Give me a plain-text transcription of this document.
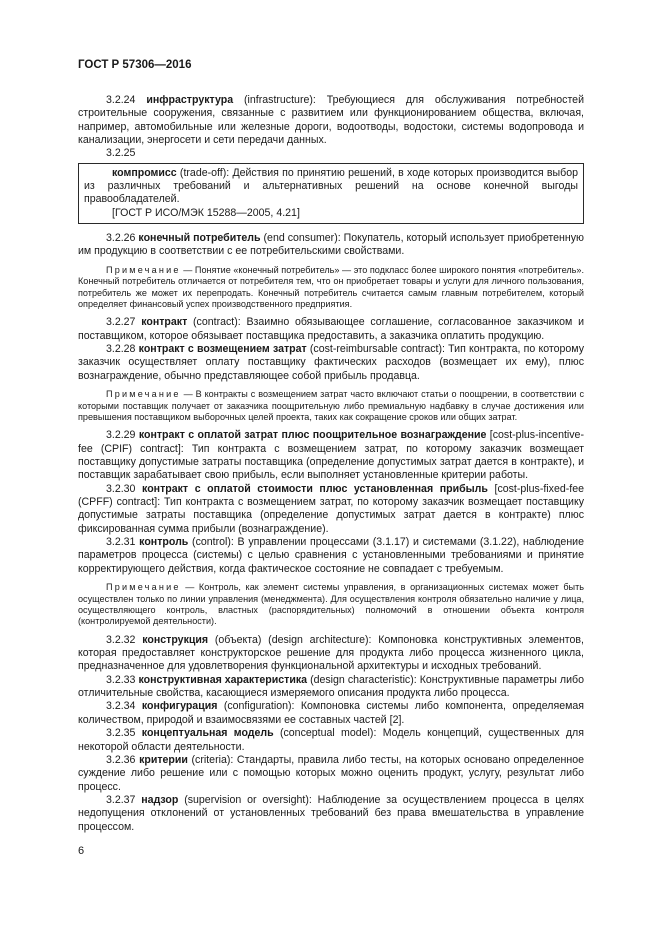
ГОСТ Р 57306—2016

3.2.24 инфраструктура (infrastructure): Требующиеся для обслуживания потребностей строительные сооружения, связанные с развитием или функционированием общества, включая, например, автомобильные или железные дороги, водоотводы, водостоки, системы водопровода и канализации, энергосети и сети передачи данных.

3.2.25

компромисс (trade-off): Действия по принятию решений, в ходе которых производится выбор из различных требований и альтернативных решений на основе конечной выгоды правообладателей.

[ГОСТ Р ИСО/МЭК 15288—2005, 4.21]

3.2.26 конечный потребитель (end consumer): Покупатель, который использует приобретенную им продукцию в соответствии с ее потребительскими свойствами.

Примечание — Понятие «конечный потребитель» — это подкласс более широкого понятия «потребитель». Конечный потребитель отличается от потребителя тем, что он приобретает товары и услуги для личного пользования, потребитель же может их перепродать. Конечный потребитель считается самым главным потребителем, который определяет финансовый успех производственного предприятия.

3.2.27 контракт (contract): Взаимно обязывающее соглашение, согласованное заказчиком и поставщиком, которое обязывает поставщика предоставить, а заказчика оплатить продукцию.

3.2.28 контракт с возмещением затрат (cost-reimbursable contract): Тип контракта, по которому заказчик осуществляет оплату поставщику фактических расходов (возмещает их ему), плюс вознаграждение, обычно представляющее собой прибыль продавца.

Примечание — В контракты с возмещением затрат часто включают статьи о поощрении, в соответствии с которыми поставщик получает от заказчика поощрительную либо премиальную надбавку в случае достижения или превышения поставщиком выборочных целей проекта, таких как сокращение сроков или общих затрат.

3.2.29 контракт с оплатой затрат плюс поощрительное вознаграждение [cost-plus-incentive-fee (CPIF) contract]: Тип контракта с возмещением затрат, по которому заказчик возмещает поставщику допустимые затраты поставщика (определение допустимых затрат дается в контракте), и поставщик зарабатывает свою прибыль, если выполняет установленные критерии работы.

3.2.30 контракт с оплатой стоимости плюс установленная прибыль [cost-plus-fixed-fee (CPFF) contract]: Тип контракта с возмещением затрат, по которому заказчик возмещает поставщику допустимые затраты поставщика (определение допустимых затрат дается в контракте) плюс фиксированная сумма прибыли (вознаграждение).

3.2.31 контроль (control): В управлении процессами (3.1.17) и системами (3.1.22), наблюдение параметров процесса (системы) с целью сравнения с установленными требованиями и принятие корректирующего действия, когда фактическое состояние не совпадает с требуемым.

Примечание — Контроль, как элемент системы управления, в организационных системах может быть осуществлен только по линии управления (менеджмента). Для осуществления контроля обязательно наличие у лица, осуществляющего контроль, властных (распорядительных) полномочий в отношении объекта контроля (контролируемой деятельности).

3.2.32 конструкция (объекта) (design architecture): Компоновка конструктивных элементов, которая предоставляет конструкторское решение для продукта либо процесса жизненного цикла, предназначенное для удовлетворения функциональной архитектуры и исходных требований.

3.2.33 конструктивная характеристика (design characteristic): Конструктивные параметры либо отличительные свойства, касающиеся измеряемого описания продукта либо процесса.

3.2.34 конфигурация (configuration): Компоновка системы либо компонента, определяемая количеством, природой и взаимосвязями ее составных частей [2].

3.2.35 концептуальная модель (conceptual model): Модель концепций, существенных для некоторой области деятельности.

3.2.36 критерии (criteria): Стандарты, правила либо тесты, на которых основано определенное суждение либо решение или с помощью которых можно оценить продукт, услугу, результат либо процесс.

3.2.37 надзор (supervision or oversight): Наблюдение за осуществлением процесса в целях недопущения отклонений от установленных требований без права вмешательства в управление процессом.

6
